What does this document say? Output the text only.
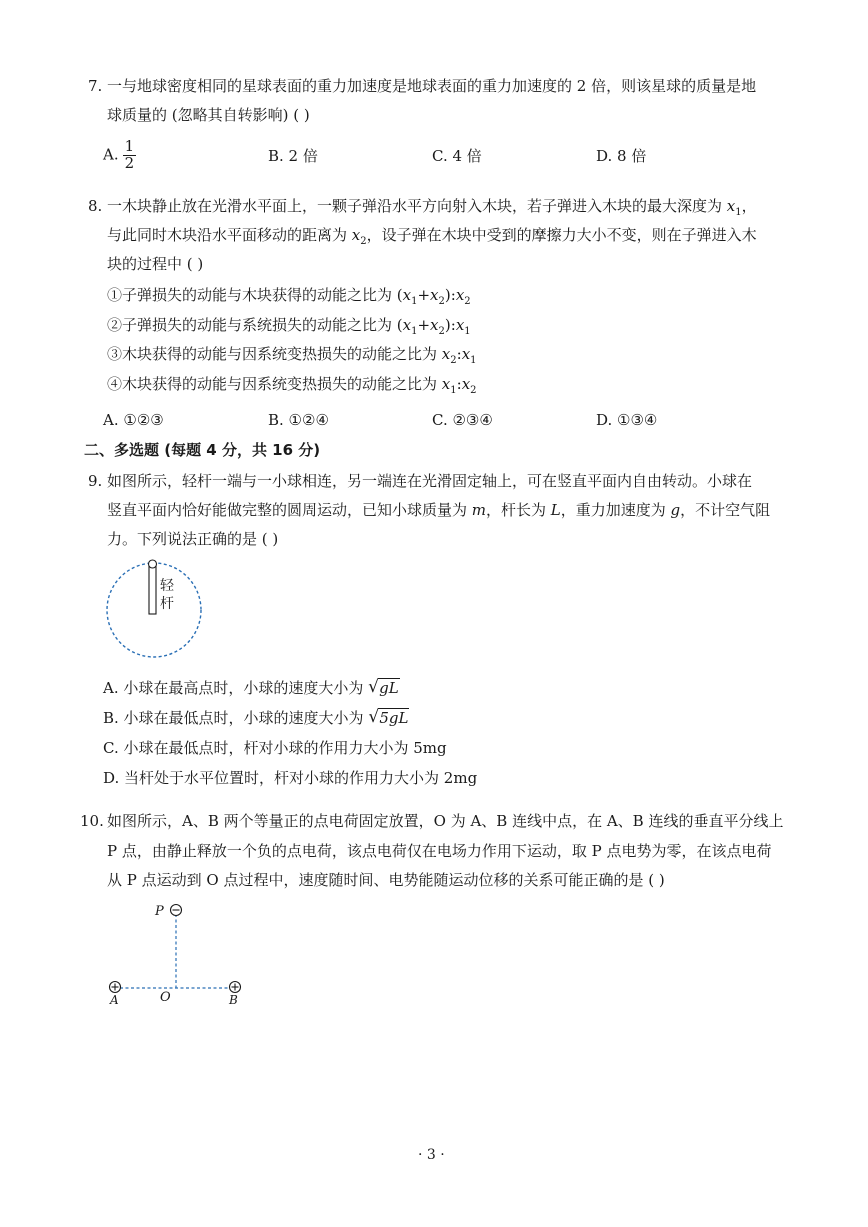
7. 一与地球密度相同的星球表面的重力加速度是地球表面的重力加速度的 2 倍，则该星球的质量是地
球质量的 (忽略其自转影响) ( )
A. $\frac{1}{2}$	B. 2 倍	C. 4 倍	D. 8 倍
8. 一木块静止放在光滑水平面上，一颗子弹沿水平方向射入木块，若子弹进入木块的最大深度为 $x_1$，
与此同时木块沿水平面移动的距离为 $x_2$，设子弹在木块中受到的摩擦力大小不变，则在子弹进入木
块的过程中 ( )
①子弹损失的动能与木块获得的动能之比为 $(x_1+x_2):x_2$
②子弹损失的动能与系统损失的动能之比为 $(x_1+x_2):x_1$
③木块获得的动能与因系统变热损失的动能之比为 $x_2:x_1$
④木块获得的动能与因系统变热损失的动能之比为 $x_1:x_2$
A. ①②③	B. ①②④	C. ②③④	D. ①③④
二、多选题 (每题 4 分，共 16 分)
9. 如图所示，轻杆一端与一小球相连，另一端连在光滑固定轴上，可在竖直平面内自由转动。小球在
竖直平面内恰好能做完整的圆周运动，已知小球质量为 m，杆长为 L，重力加速度为 g，不计空气阻
力。下列说法正确的是 ( )
轻
杆
A. 小球在最高点时，小球的速度大小为 √ gL
B. 小球在最低点时，小球的速度大小为 √ 5gL
C. 小球在最低点时，杆对小球的作用力大小为 5mg
D. 当杆处于水平位置时，杆对小球的作用力大小为 2mg
10. 如图所示，A、B 两个等量正的点电荷固定放置，O 为 A、B 连线中点，在 A、B 连线的垂直平分线上
P 点，由静止释放一个负的点电荷，该点电荷仅在电场力作用下运动，取 P 点电势为零，在该点电荷
从 P 点运动到 O 点过程中，速度随时间、电势能随运动位移的关系可能正确的是 ( )
P
A	O	B
· 3 ·
